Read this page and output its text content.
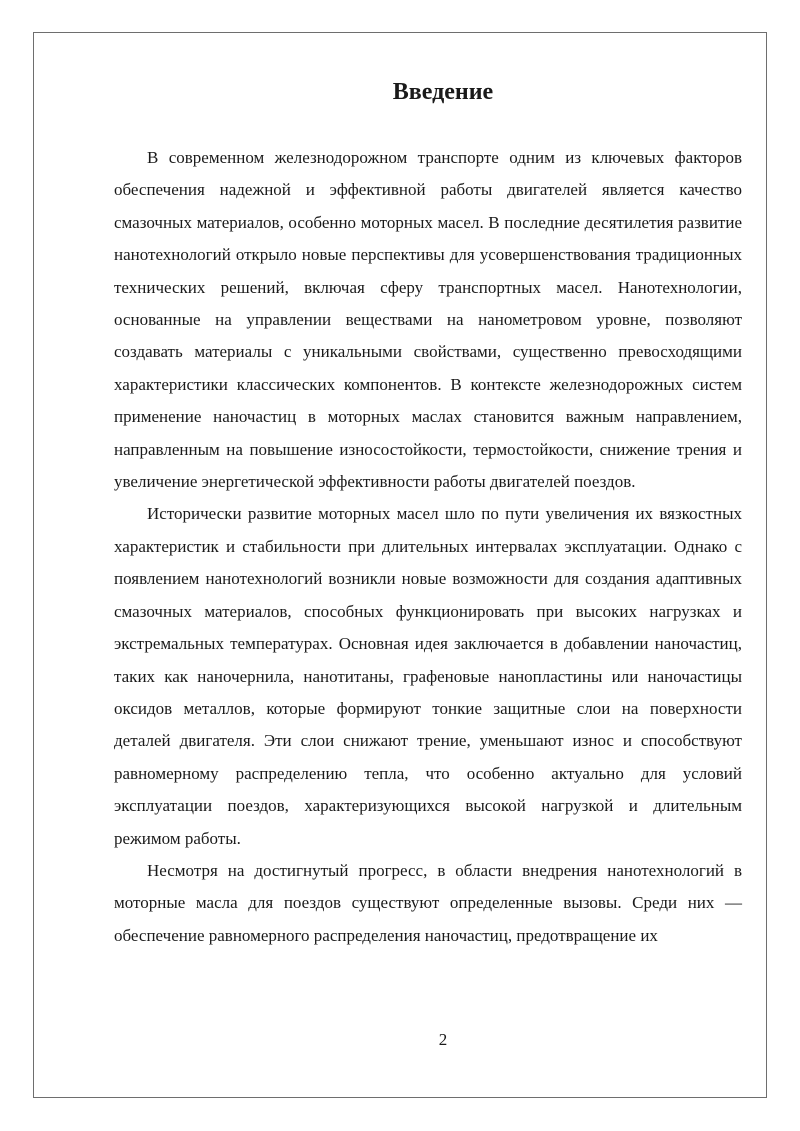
Введение

В современном железнодорожном транспорте одним из ключевых факторов обеспечения надежной и эффективной работы двигателей является качество смазочных материалов, особенно моторных масел. В последние десятилетия развитие нанотехнологий открыло новые перспективы для усовершенствования традиционных технических решений, включая сферу транспортных масел. Нанотехнологии, основанные на управлении веществами на нанометровом уровне, позволяют создавать материалы с уникальными свойствами, существенно превосходящими характеристики классических компонентов. В контексте железнодорожных систем применение наночастиц в моторных маслах становится важным направлением, направленным на повышение износостойкости, термостойкости, снижение трения и увеличение энергетической эффективности работы двигателей поездов.

Исторически развитие моторных масел шло по пути увеличения их вязкостных характеристик и стабильности при длительных интервалах эксплуатации. Однако с появлением нанотехнологий возникли новые возможности для создания адаптивных смазочных материалов, способных функционировать при высоких нагрузках и экстремальных температурах. Основная идея заключается в добавлении наночастиц, таких как наночернила, нанотитаны, графеновые нанопластины или наночастицы оксидов металлов, которые формируют тонкие защитные слои на поверхности деталей двигателя. Эти слои снижают трение, уменьшают износ и способствуют равномерному распределению тепла, что особенно актуально для условий эксплуатации поездов, характеризующихся высокой нагрузкой и длительным режимом работы.

Несмотря на достигнутый прогресс, в области внедрения нанотехнологий в моторные масла для поездов существуют определенные вызовы. Среди них — обеспечение равномерного распределения наночастиц, предотвращение их

2
